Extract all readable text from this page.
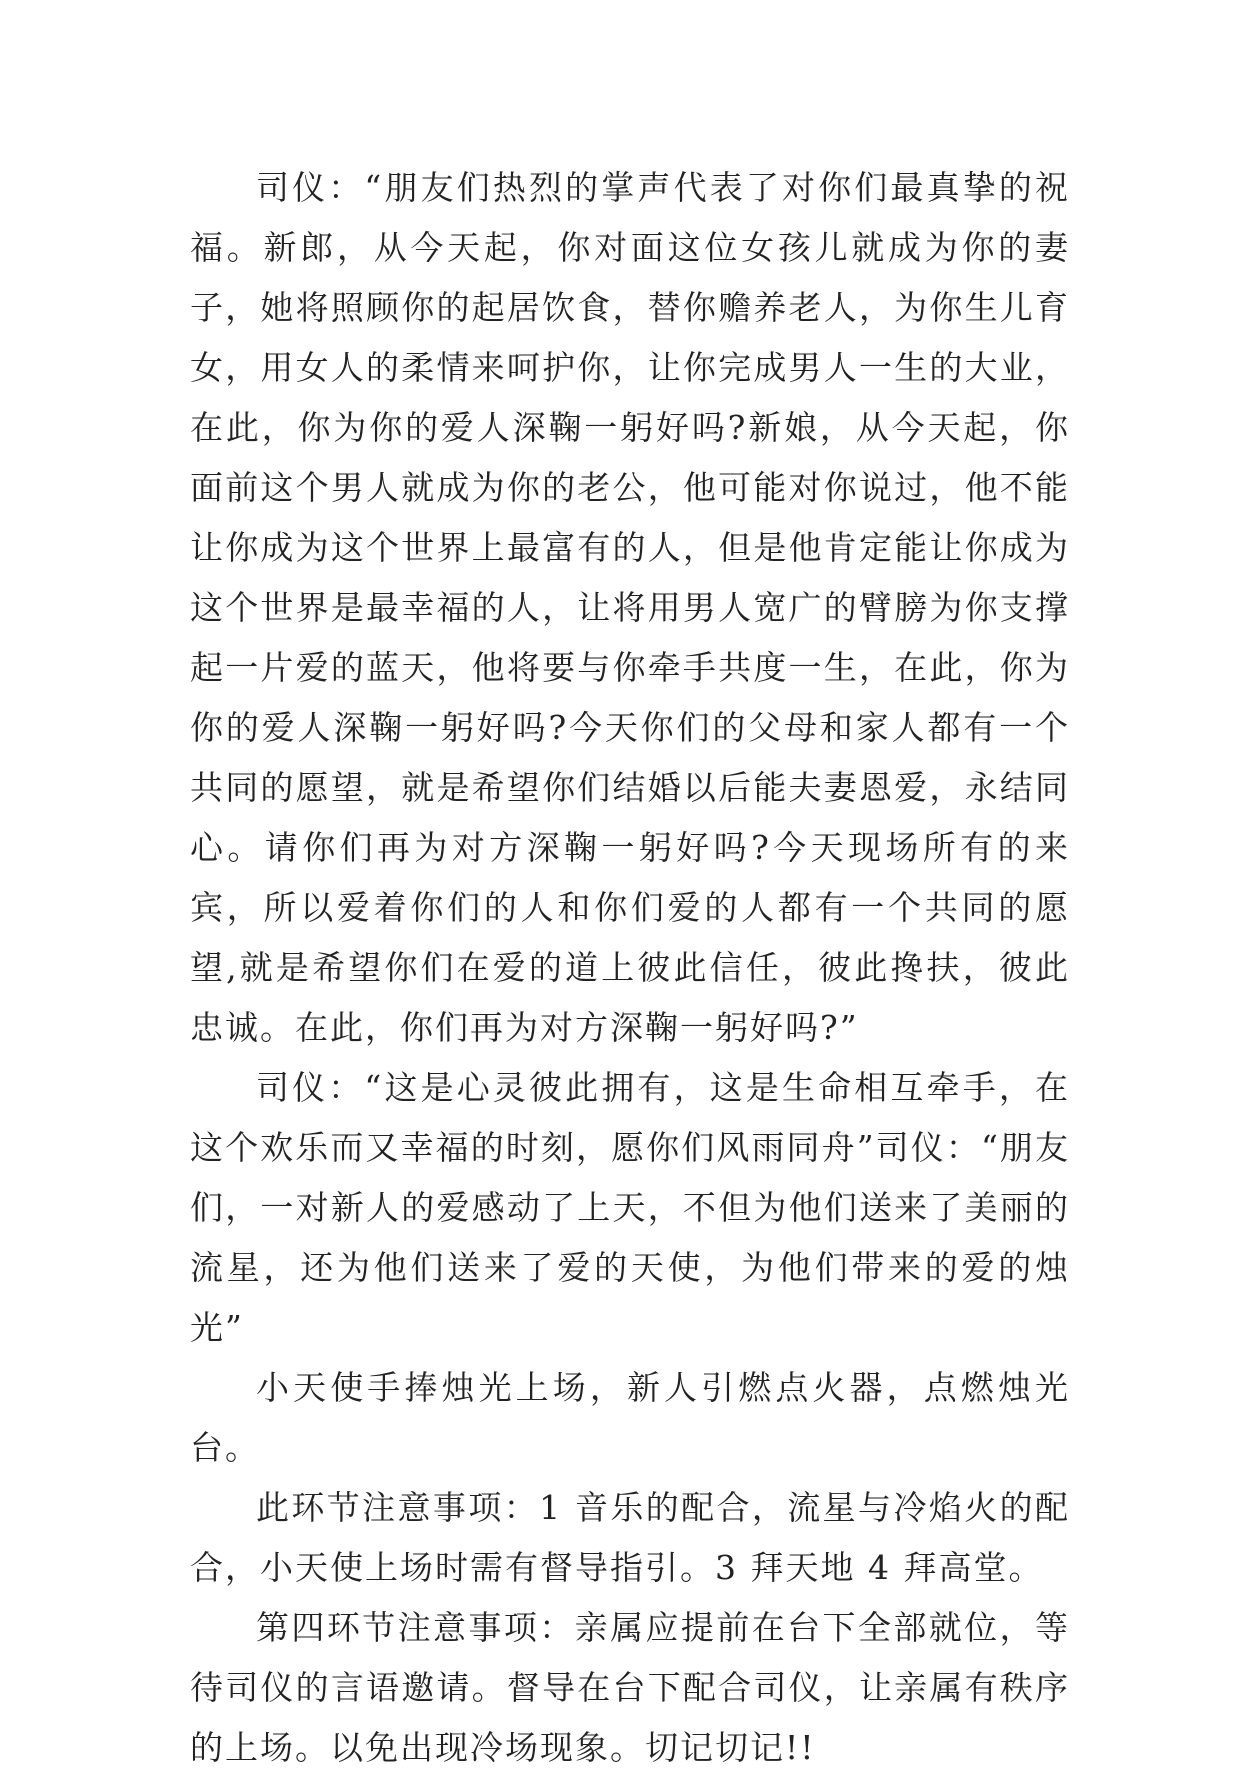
司仪：“朋友们热烈的掌声代表了对你们最真挚的祝福。新郎，从今天起，你对面这位女孩儿就成为你的妻子，她将照顾你的起居饮食，替你赡养老人，为你生儿育女，用女人的柔情来呵护你，让你完成男人一生的大业，在此，你为你的爱人深鞠一躬好吗?新娘，从今天起，你面前这个男人就成为你的老公，他可能对你说过，他不能让你成为这个世界上最富有的人，但是他肯定能让你成为这个世界是最幸福的人，让将用男人宽广的臂膀为你支撑起一片爱的蓝天，他将要与你牵手共度一生，在此，你为你的爱人深鞠一躬好吗?今天你们的父母和家人都有一个共同的愿望，就是希望你们结婚以后能夫妻恩爱，永结同心。请你们再为对方深鞠一躬好吗?今天现场所有的来宾，所以爱着你们的人和你们爱的人都有一个共同的愿望,就是希望你们在爱的道上彼此信任，彼此搀扶，彼此忠诚。在此，你们再为对方深鞠一躬好吗?”

司仪：“这是心灵彼此拥有，这是生命相互牵手，在这个欢乐而又幸福的时刻，愿你们风雨同舟”司仪：“朋友们，一对新人的爱感动了上天，不但为他们送来了美丽的流星，还为他们送来了爱的天使，为他们带来的爱的烛光”

小天使手捧烛光上场，新人引燃点火器，点燃烛光台。

此环节注意事项：1 音乐的配合，流星与冷焰火的配合，小天使上场时需有督导指引。3 拜天地 4 拜高堂。

第四环节注意事项：亲属应提前在台下全部就位，等待司仪的言语邀请。督导在台下配合司仪，让亲属有秩序的上场。以免出现冷场现象。切记切记!!
